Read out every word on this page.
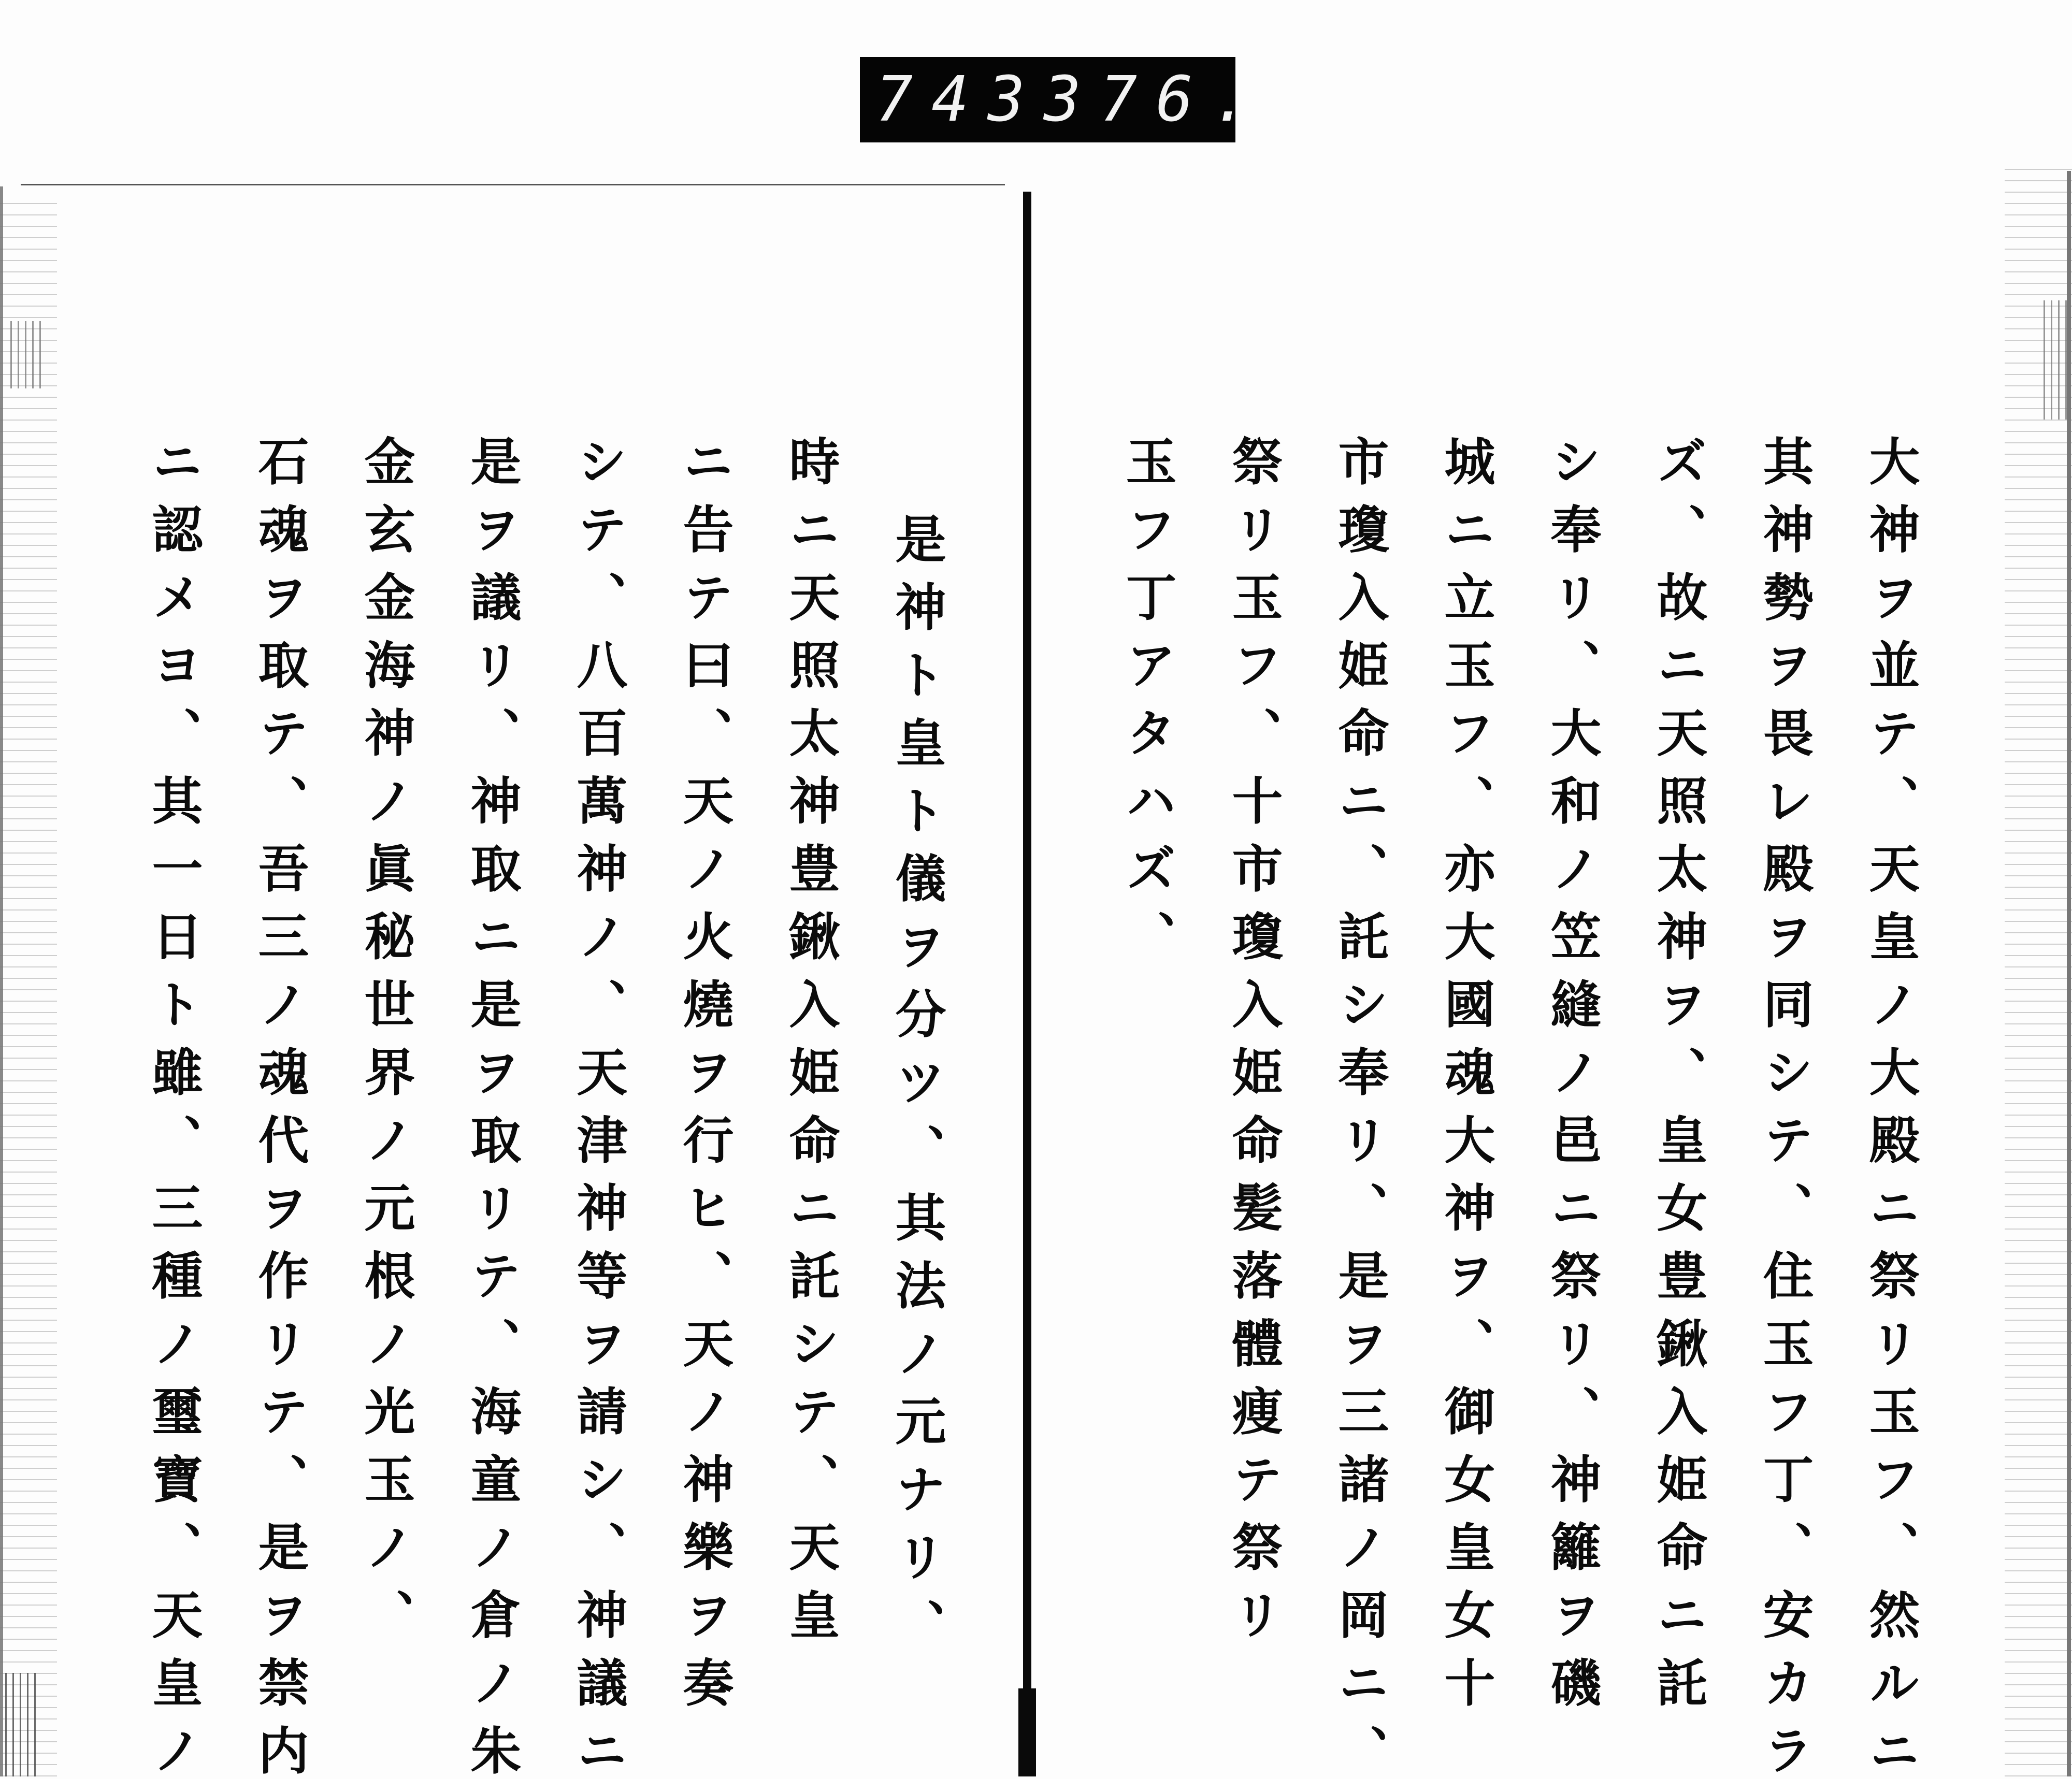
743 376.
大神ヲ並テ、天皇ノ大殿ニ祭リ玉フ、然ルニ
其神勢ヲ畏レ殿ヲ同シテ、住玉フ丁、安カラ
ズ、故ニ天照太神ヲ、皇女豊鍬入姫命ニ託
シ奉リ、大和ノ笠縫ノ邑ニ祭リ、神籬ヲ磯
城ニ立玉フ、亦大國魂大神ヲ、御女皇女十
市瓊入姫命ニ、託シ奉リ、是ヲ三諸ノ岡ニ、
祭リ玉フ、十市瓊入姫命髪落體痩テ祭リ
玉フ丁アタハズ、
是神ト皇ト儀ヲ分ツ、其法ノ元ナリ、
時ニ天照太神豊鍬入姫命ニ託シテ、天皇
ニ告テ曰、天ノ火燒ヲ行ヒ、天ノ神樂ヲ奏
シテ、八百萬神ノ、天津神等ヲ請シ、神議ニ
是ヲ議リ、神取ニ是ヲ取リテ、海童ノ倉ノ朱
金玄金海神ノ眞秘世界ノ元根ノ光玉ノ、
石魂ヲ取テ、吾三ノ魂代ヲ作リテ、是ヲ禁内
ニ認メヨ、其一日ト雖、三種ノ璽寶、天皇ノ
